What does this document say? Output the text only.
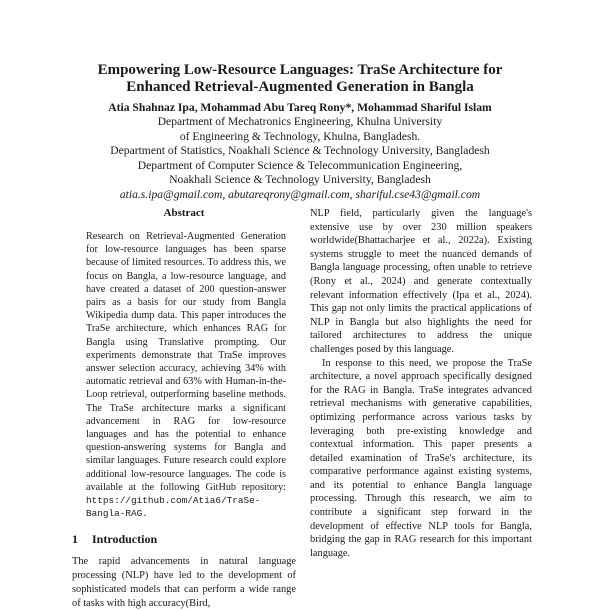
Empowering Low-Resource Languages: TraSe Architecture for
Enhanced Retrieval-Augmented Generation in Bangla

Atia Shahnaz Ipa, Mohammad Abu Tareq Rony*, Mohammad Shariful Islam

Department of Mechatronics Engineering, Khulna University
of Engineering & Technology, Khulna, Bangladesh.
Department of Statistics, Noakhali Science & Technology University, Bangladesh
Department of Computer Science & Telecommunication Engineering,
Noakhali Science & Technology University, Bangladesh
atia.s.ipa@gmail.com, abutareqrony@gmail.com, shariful.cse43@gmail.com
Abstract

Research on Retrieval-Augmented Generation for low-resource languages has been sparse because of limited resources. To address this, we focus on Bangla, a low-resource language, and have created a dataset of 200 question-answer pairs as a basis for our study from Bangla Wikipedia dump data. This paper introduces the TraSe architecture, which enhances RAG for Bangla using Translative prompting. Our experiments demonstrate that TraSe improves answer selection accuracy, achieving 34% with automatic retrieval and 63% with Human-in-the-Loop retrieval, outperforming baseline methods. The TraSe architecture marks a significant advancement in RAG for low-resource languages and has the potential to enhance question-answering systems for Bangla and similar languages. Future research could explore additional low-resource languages. The code is available at the following GitHub repository: https://github.com/Atia6/TraSe-Bangla-RAG.

1 Introduction

The rapid advancements in natural language processing (NLP) have led to the development of sophisticated models that can perform a wide range of tasks with high accuracy(Bird,

NLP field, particularly given the language's extensive use by over 230 million speakers worldwide(Bhattacharjee et al., 2022a). Existing systems struggle to meet the nuanced demands of Bangla language processing, often unable to retrieve (Rony et al., 2024) and generate contextually relevant information effectively (Ipa et al., 2024). This gap not only limits the practical applications of NLP in Bangla but also highlights the need for tailored architectures to address the unique challenges posed by this language.

In response to this need, we propose the TraSe architecture, a novel approach specifically designed for the RAG in Bangla. TraSe integrates advanced retrieval mechanisms with generative capabilities, optimizing performance across various tasks by leveraging both pre-existing knowledge and contextual information. This paper presents a detailed examination of TraSe's architecture, its comparative performance against existing systems, and its potential to enhance Bangla language processing. Through this research, we aim to contribute a significant step forward in the development of effective NLP tools for Bangla, bridging the gap in RAG research for this important language.
